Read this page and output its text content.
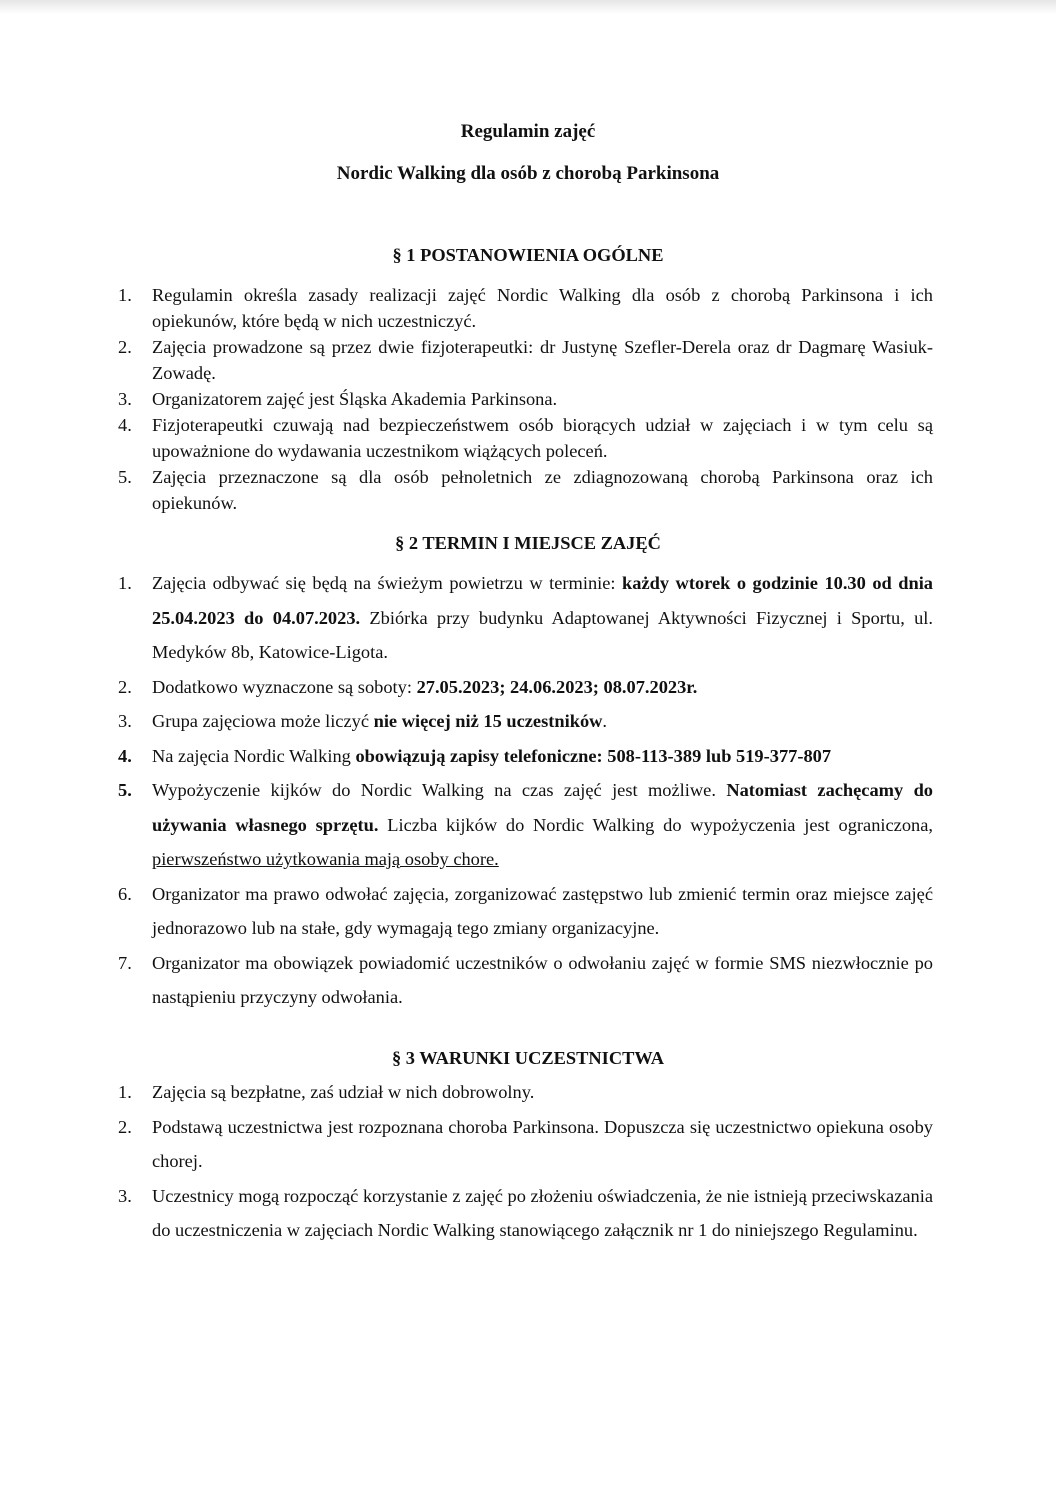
Regulamin zajęć
Nordic Walking dla osób z chorobą Parkinsona
§ 1 POSTANOWIENIA OGÓLNE
1. Regulamin określa zasady realizacji zajęć Nordic Walking dla osób z chorobą Parkinsona i ich opiekunów, które będą w nich uczestniczyć.
2. Zajęcia prowadzone są przez dwie fizjoterapeutki: dr Justynę Szefler-Derela oraz dr Dagmarę Wasiuk-Zowadę.
3. Organizatorem zajęć jest Śląska Akademia Parkinsona.
4. Fizjoterapeutki czuwają nad bezpieczeństwem osób biorących udział w zajęciach i w tym celu są upoważnione do wydawania uczestnikom wiążących poleceń.
5. Zajęcia przeznaczone są dla osób pełnoletnich ze zdiagnozowaną chorobą Parkinsona oraz ich opiekunów.
§ 2 TERMIN I MIEJSCE ZAJĘĆ
1. Zajęcia odbywać się będą na świeżym powietrzu w terminie: każdy wtorek o godzinie 10.30 od dnia 25.04.2023 do 04.07.2023. Zbiórka przy budynku Adaptowanej Aktywności Fizycznej i Sportu, ul. Medyków 8b, Katowice-Ligota.
2. Dodatkowo wyznaczone są soboty: 27.05.2023; 24.06.2023; 08.07.2023r.
3. Grupa zajęciowa może liczyć nie więcej niż 15 uczestników.
4. Na zajęcia Nordic Walking obowiązują zapisy telefoniczne: 508-113-389 lub 519-377-807
5. Wypożyczenie kijków do Nordic Walking na czas zajęć jest możliwe. Natomiast zachęcamy do używania własnego sprzętu. Liczba kijków do Nordic Walking do wypożyczenia jest ograniczona, pierwszeństwo użytkowania mają osoby chore.
6. Organizator ma prawo odwołać zajęcia, zorganizować zastępstwo lub zmienić termin oraz miejsce zajęć jednorazowo lub na stałe, gdy wymagają tego zmiany organizacyjne.
7. Organizator ma obowiązek powiadomić uczestników o odwołaniu zajęć w formie SMS niezwłocznie po nastąpieniu przyczyny odwołania.
§ 3 WARUNKI UCZESTNICTWA
1. Zajęcia są bezpłatne, zaś udział w nich dobrowolny.
2. Podstawą uczestnictwa jest rozpoznana choroba Parkinsona. Dopuszcza się uczestnictwo opiekuna osoby chorej.
3. Uczestnicy mogą rozpocząć korzystanie z zajęć po złożeniu oświadczenia, że nie istnieją przeciwskazania do uczestniczenia w zajęciach Nordic Walking stanowiącego załącznik nr 1 do niniejszego Regulaminu.
